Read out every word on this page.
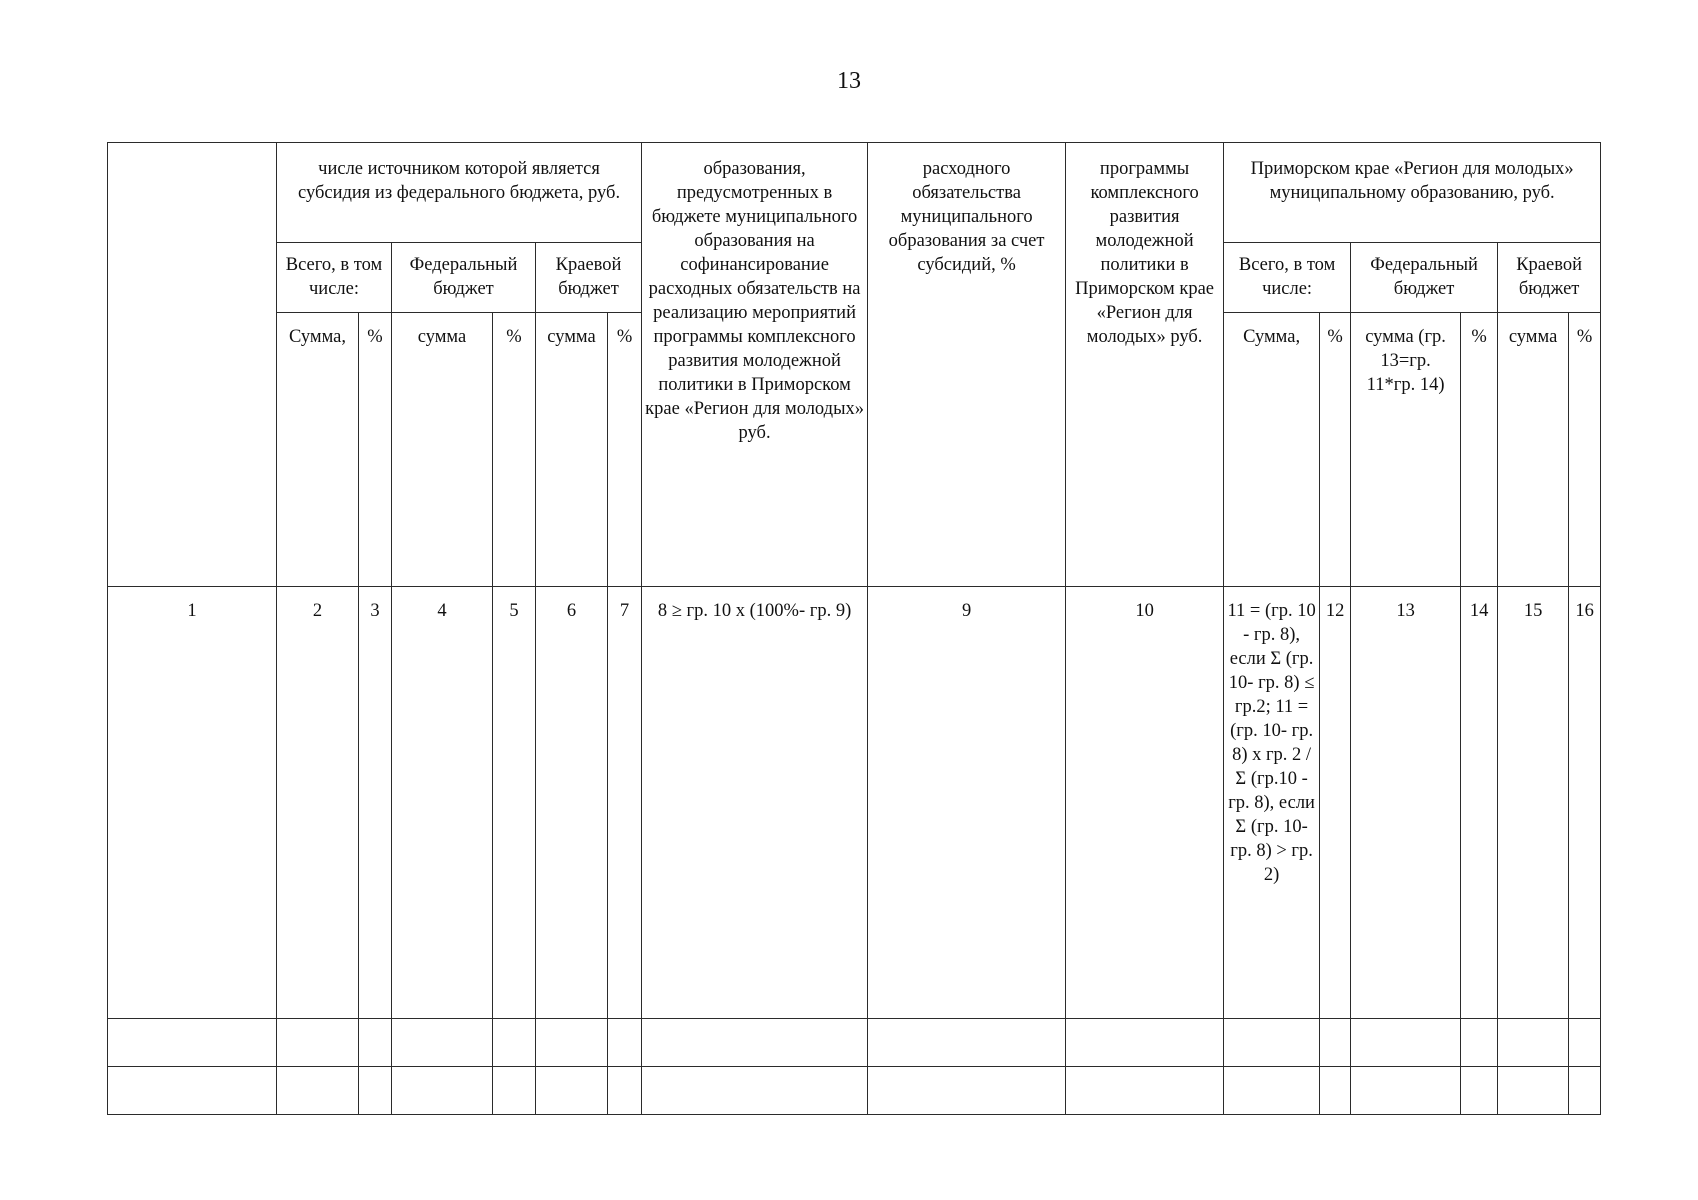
13
	числе источником которой является субсидия из федерального бюджета, руб.						образования, предусмотренных в бюджете муниципального образования на софинансирование расходных обязательств на реализацию мероприятий программы комплексного развития молодежной политики в Приморском крае «Регион для молодых» руб.	расходного обязательства муниципального образования за счет субсидий, %	программы комплексного развития молодежной политики в Приморском крае «Регион для молодых» руб.	Приморском крае «Регион для молодых» муниципальному образованию, руб.					
	Всего, в том числе:		Федеральный бюджет		Краевой бюджет					Всего, в том числе:		Федеральный бюджет		Краевой бюджет	
	Сумма,	%	сумма	%	сумма	%				Сумма,	%	сумма (гр. 13=гр. 11*гр. 14)	%	сумма	%
1	2	3	4	5	6	7	8 ≥ гр. 10 х (100%- гр. 9)	9	10	11 = (гр. 10 - гр. 8), если Σ (гр. 10- гр. 8) ≤ гр.2; 11 = (гр. 10- гр. 8) х гр. 2 / Σ (гр.10 - гр. 8), если Σ (гр. 10- гр. 8) > гр. 2)	12	13	14	15	16
